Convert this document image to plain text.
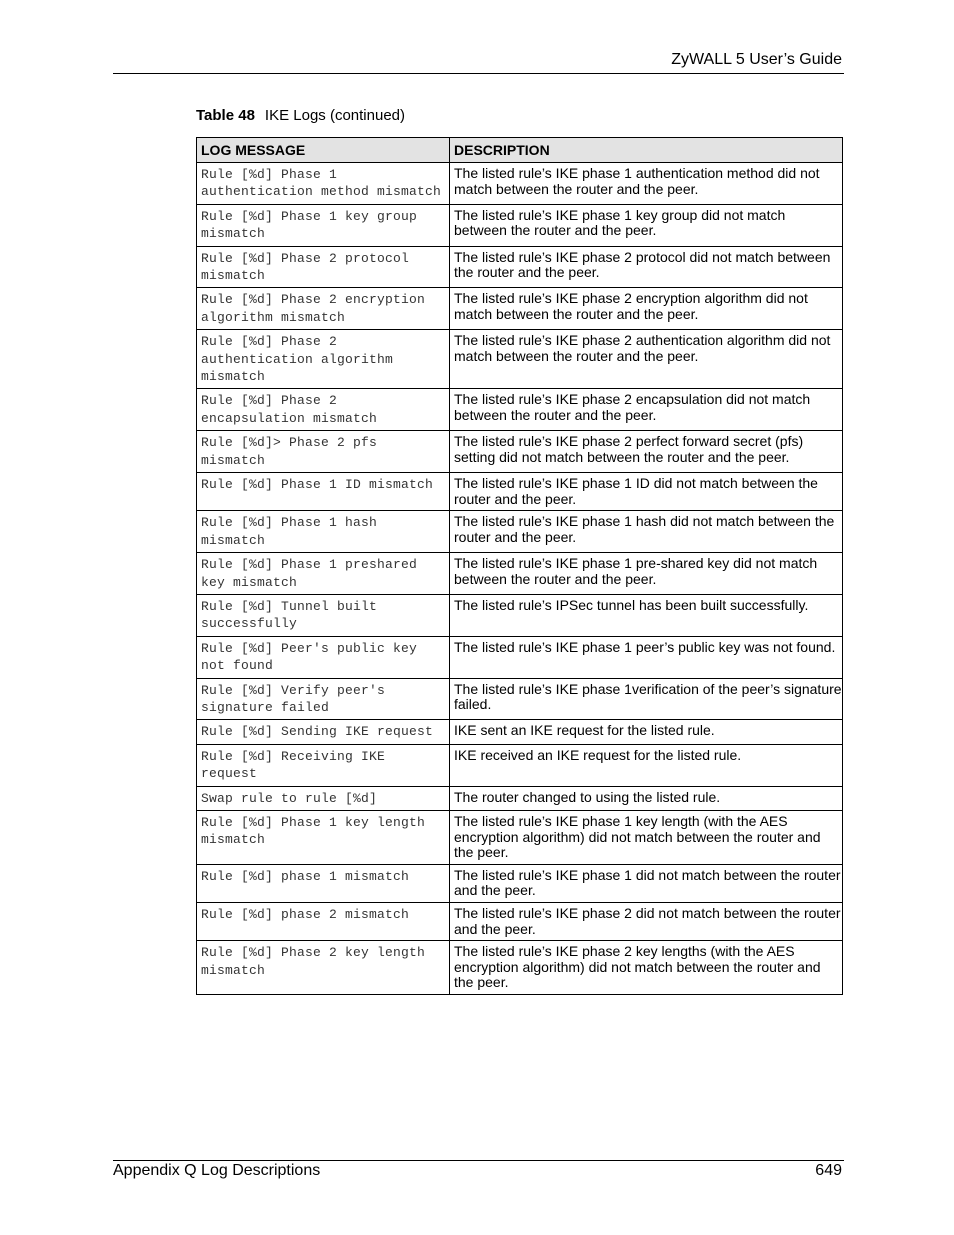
ZyWALL 5 User’s Guide
Table 48 IKE Logs (continued)
LOG MESSAGE	DESCRIPTION
Rule [%d] Phase 1 authentication method mismatch	The listed rule’s IKE phase 1 authentication method did not match between the router and the peer.
Rule [%d] Phase 1 key group mismatch	The listed rule’s IKE phase 1 key group did not match between the router and the peer.
Rule [%d] Phase 2 protocol mismatch	The listed rule’s IKE phase 2 protocol did not match between the router and the peer.
Rule [%d] Phase 2 encryption algorithm mismatch	The listed rule’s IKE phase 2 encryption algorithm did not match between the router and the peer.
Rule [%d] Phase 2 authentication algorithm mismatch	The listed rule’s IKE phase 2 authentication algorithm did not match between the router and the peer.
Rule [%d] Phase 2 encapsulation mismatch	The listed rule’s IKE phase 2 encapsulation did not match between the router and the peer.
Rule [%d]> Phase 2 pfs mismatch	The listed rule’s IKE phase 2 perfect forward secret (pfs) setting did not match between the router and the peer.
Rule [%d] Phase 1 ID mismatch	The listed rule’s IKE phase 1 ID did not match between the router and the peer.
Rule [%d] Phase 1 hash mismatch	The listed rule’s IKE phase 1 hash did not match between the router and the peer.
Rule [%d] Phase 1 preshared key mismatch	The listed rule’s IKE phase 1 pre-shared key did not match between the router and the peer.
Rule [%d] Tunnel built successfully	The listed rule’s IPSec tunnel has been built successfully.
Rule [%d] Peer's public key not found	The listed rule’s IKE phase 1 peer’s public key was not found.
Rule [%d] Verify peer's signature failed	The listed rule’s IKE phase 1verification of the peer’s signature failed.
Rule [%d] Sending IKE request	IKE sent an IKE request for the listed rule.
Rule [%d] Receiving IKE request	IKE received an IKE request for the listed rule.
Swap rule to rule [%d]	The router changed to using the listed rule.
Rule [%d] Phase 1 key length mismatch	The listed rule’s IKE phase 1 key length (with the AES encryption algorithm) did not match between the router and the peer.
Rule [%d] phase 1 mismatch	The listed rule’s IKE phase 1 did not match between the router and the peer.
Rule [%d] phase 2 mismatch	The listed rule’s IKE phase 2 did not match between the router and the peer.
Rule [%d] Phase 2 key length mismatch	The listed rule’s IKE phase 2 key lengths (with the AES encryption algorithm) did not match between the router and the peer.
Appendix Q Log Descriptions	649
